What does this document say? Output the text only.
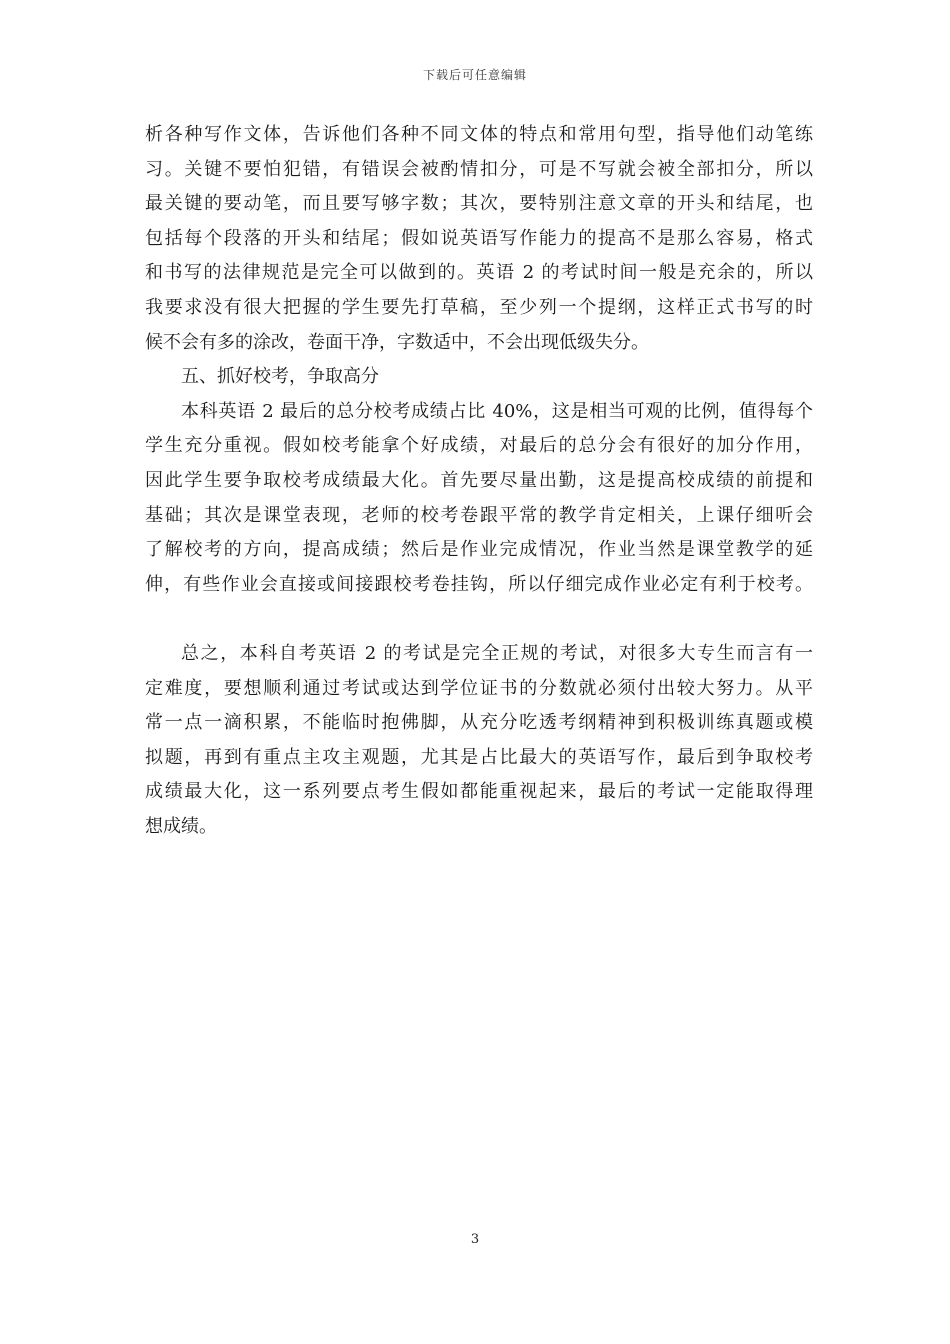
下载后可任意编辑

析各种写作文体，告诉他们各种不同文体的特点和常用句型，指导他们动笔练

习。关键不要怕犯错，有错误会被酌情扣分，可是不写就会被全部扣分，所以

最关键的要动笔，而且要写够字数；其次，要特别注意文章的开头和结尾，也

包括每个段落的开头和结尾；假如说英语写作能力的提高不是那么容易，格式

和书写的法律规范是完全可以做到的。英语 2 的考试时间一般是充余的，所以

我要求没有很大把握的学生要先打草稿，至少列一个提纲，这样正式书写的时

候不会有多的涂改，卷面干净，字数适中，不会出现低级失分。

五、抓好校考，争取高分

本科英语 2 最后的总分校考成绩占比 40%，这是相当可观的比例，值得每个

学生充分重视。假如校考能拿个好成绩，对最后的总分会有很好的加分作用，

因此学生要争取校考成绩最大化。首先要尽量出勤，这是提高校成绩的前提和

基础；其次是课堂表现，老师的校考卷跟平常的教学肯定相关，上课仔细听会

了解校考的方向，提高成绩；然后是作业完成情况，作业当然是课堂教学的延

伸，有些作业会直接或间接跟校考卷挂钩，所以仔细完成作业必定有利于校考。

总之，本科自考英语 2 的考试是完全正规的考试，对很多大专生而言有一

定难度，要想顺利通过考试或达到学位证书的分数就必须付出较大努力。从平

常一点一滴积累，不能临时抱佛脚，从充分吃透考纲精神到积极训练真题或模

拟题，再到有重点主攻主观题，尤其是占比最大的英语写作，最后到争取校考

成绩最大化，这一系列要点考生假如都能重视起来，最后的考试一定能取得理

想成绩。

3
